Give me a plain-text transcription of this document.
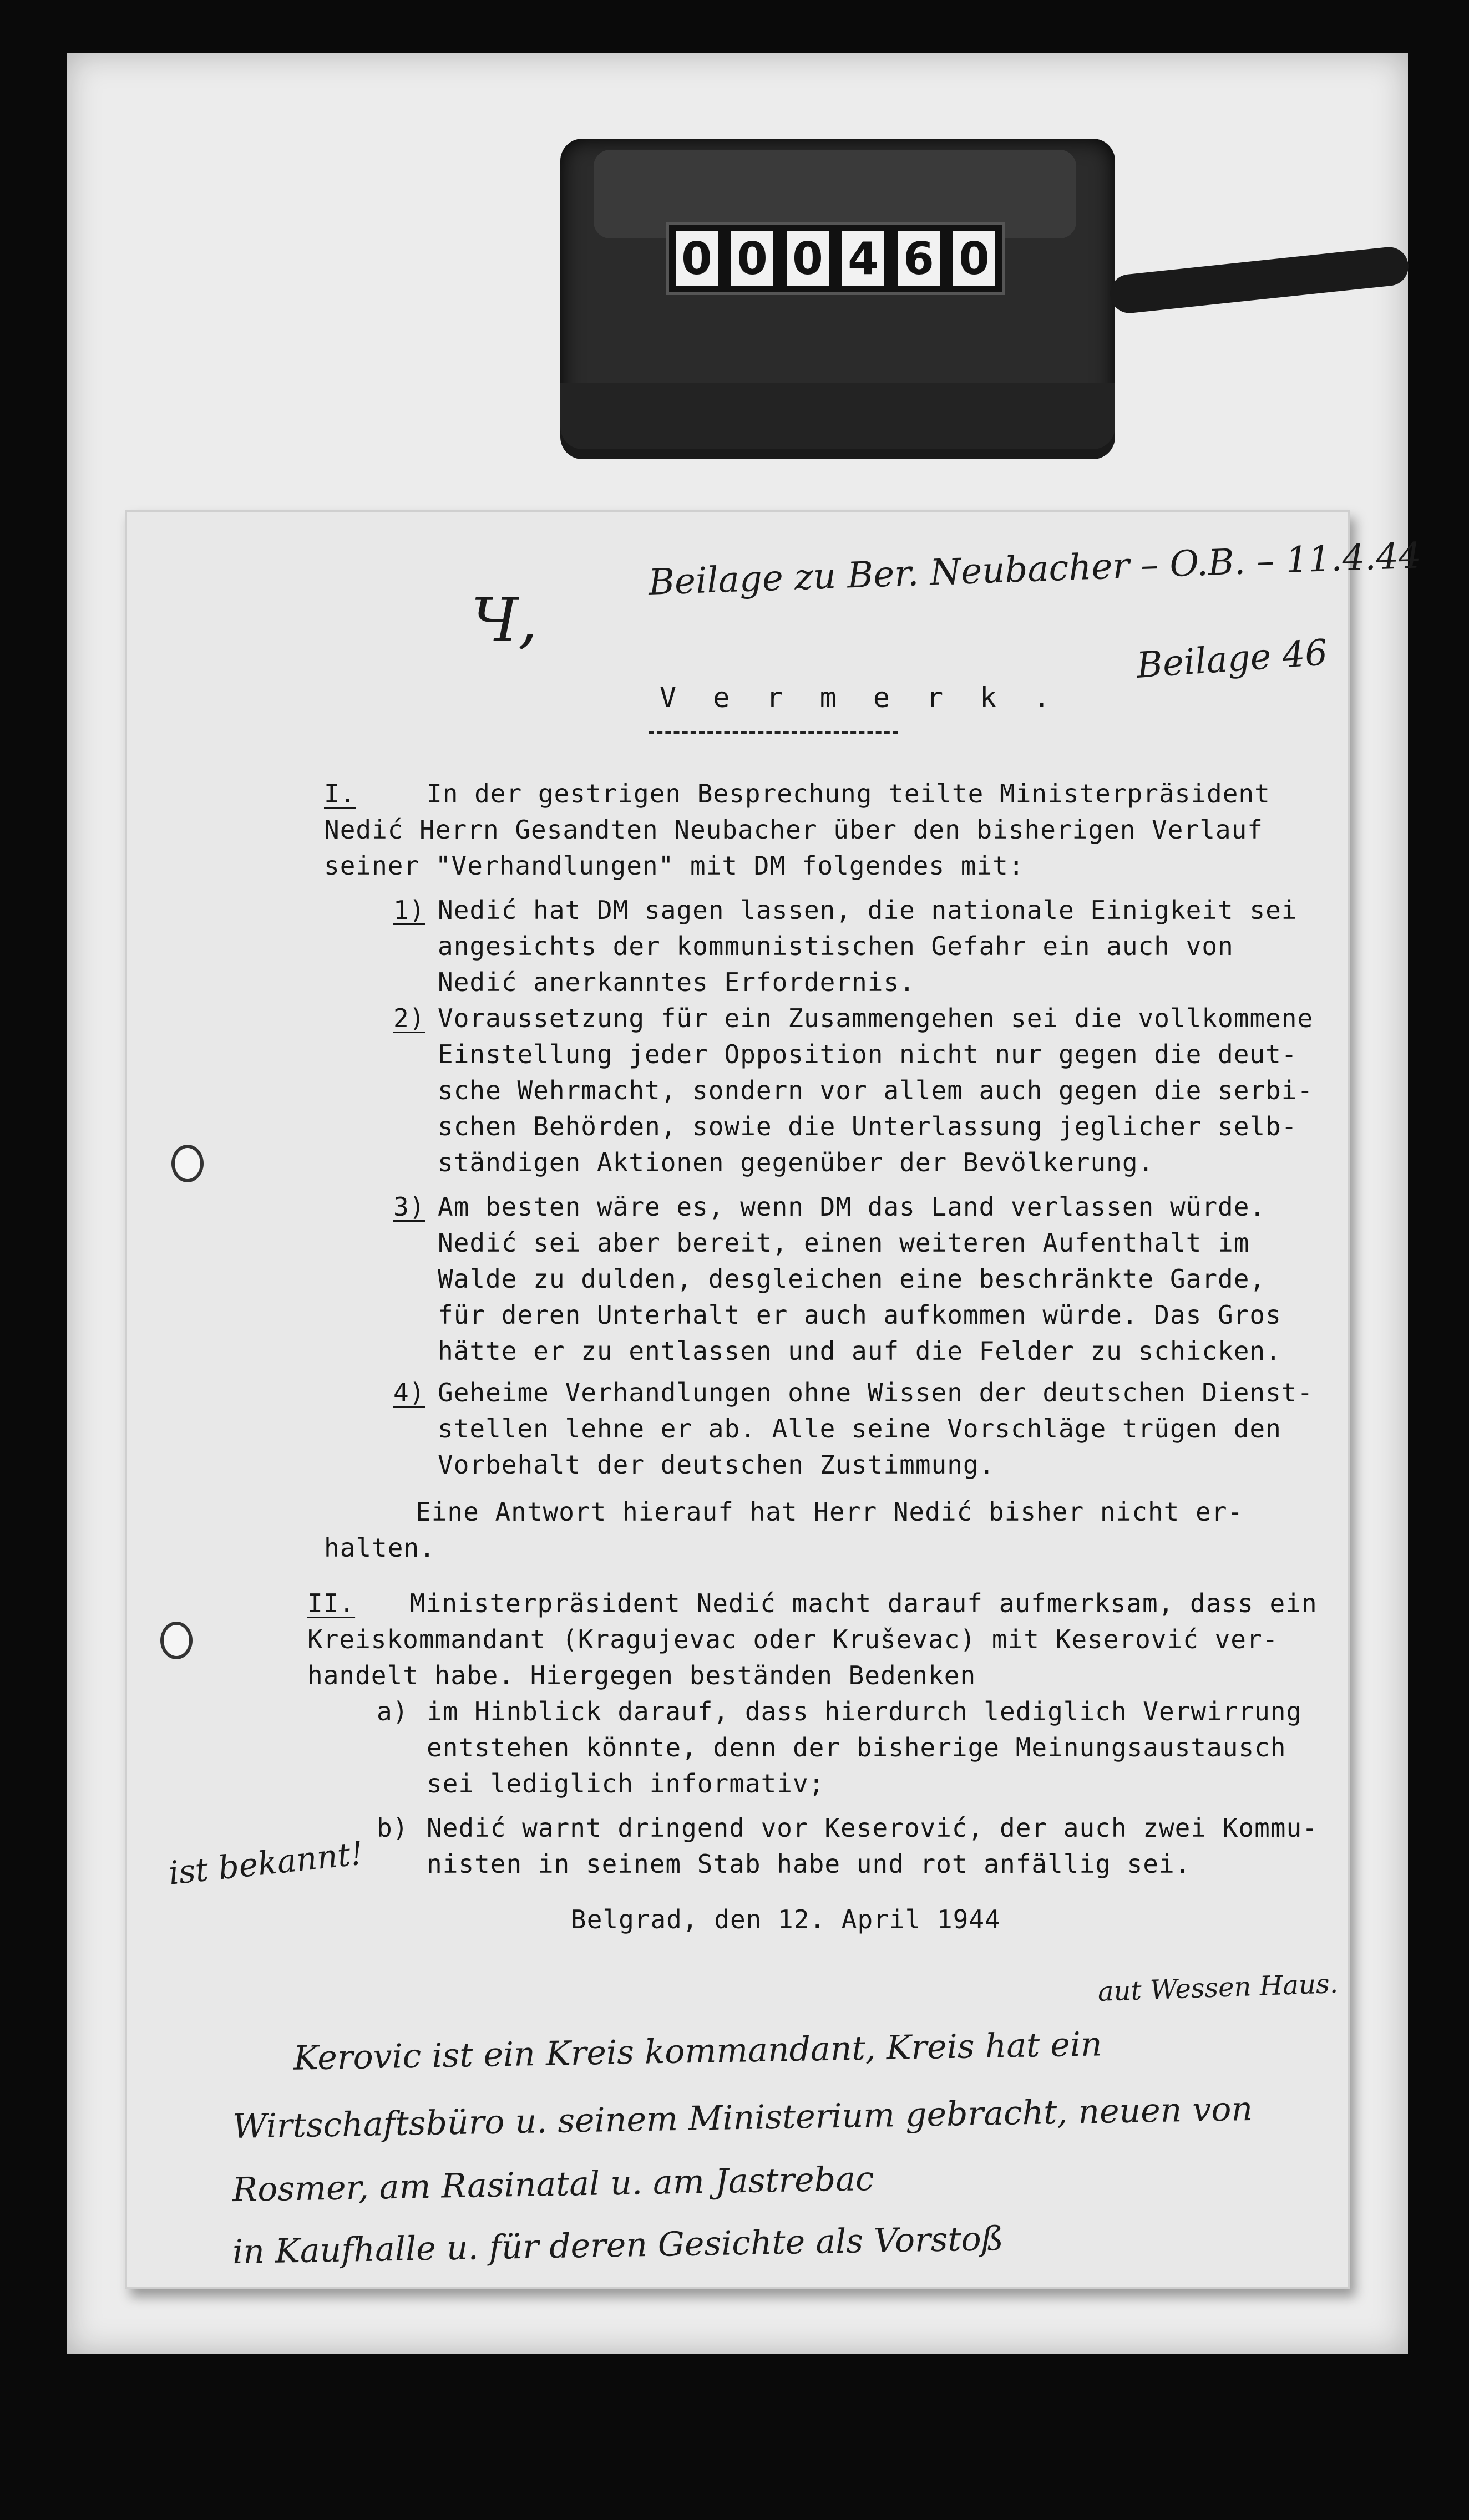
0 0 0 4 6 0
Ч,
Beilage zu Ber. Neubacher – O.B. – 11.4.44
Beilage 46
V e r m e r k .
I.	In der gestrigen Besprechung teilte Ministerpräsident
Nedić Herrn Gesandten Neubacher über den bisherigen Verlauf
seiner "Verhandlungen" mit DM folgendes mit:
1) Nedić hat DM sagen lassen, die nationale Einigkeit sei
angesichts der kommunistischen Gefahr ein auch von
Nedić anerkanntes Erfordernis.
2) Voraussetzung für ein Zusammengehen sei die vollkommene
Einstellung jeder Opposition nicht nur gegen die deut-
sche Wehrmacht, sondern vor allem auch gegen die serbi-
schen Behörden, sowie die Unterlassung jeglicher selb-
ständigen Aktionen gegenüber der Bevölkerung.
3) Am besten wäre es, wenn DM das Land verlassen würde.
Nedić sei aber bereit, einen weiteren Aufenthalt im
Walde zu dulden, desgleichen eine beschränkte Garde,
für deren Unterhalt er auch aufkommen würde. Das Gros
hätte er zu entlassen und auf die Felder zu schicken.
4) Geheime Verhandlungen ohne Wissen der deutschen Dienst-
stellen lehne er ab. Alle seine Vorschläge trügen den
Vorbehalt der deutschen Zustimmung.
Eine Antwort hierauf hat Herr Nedić bisher nicht er-
halten.
II. Ministerpräsident Nedić macht darauf aufmerksam, dass ein
Kreiskommandant (Kragujevac oder Kruševac) mit Keserović ver-
handelt habe. Hiergegen beständen Bedenken
a) im Hinblick darauf, dass hierdurch lediglich Verwirrung
entstehen könnte, denn der bisherige Meinungsaustausch
sei lediglich informativ;
b) Nedić warnt dringend vor Keserović, der auch zwei Kommu-
nisten in seinem Stab habe und rot anfällig sei.
ist bekannt!
Belgrad, den 12. April 1944
aut Wessen Haus.
Kerovic ist ein Kreis kommandant, Kreis hat ein
Wirtschaftsbüro u. seinem Ministerium gebracht, neuen von
Rosmer, am Rasinatal u. am Jastrebac
in Kaufhalle u. für deren Gesichte als Vorstoß
